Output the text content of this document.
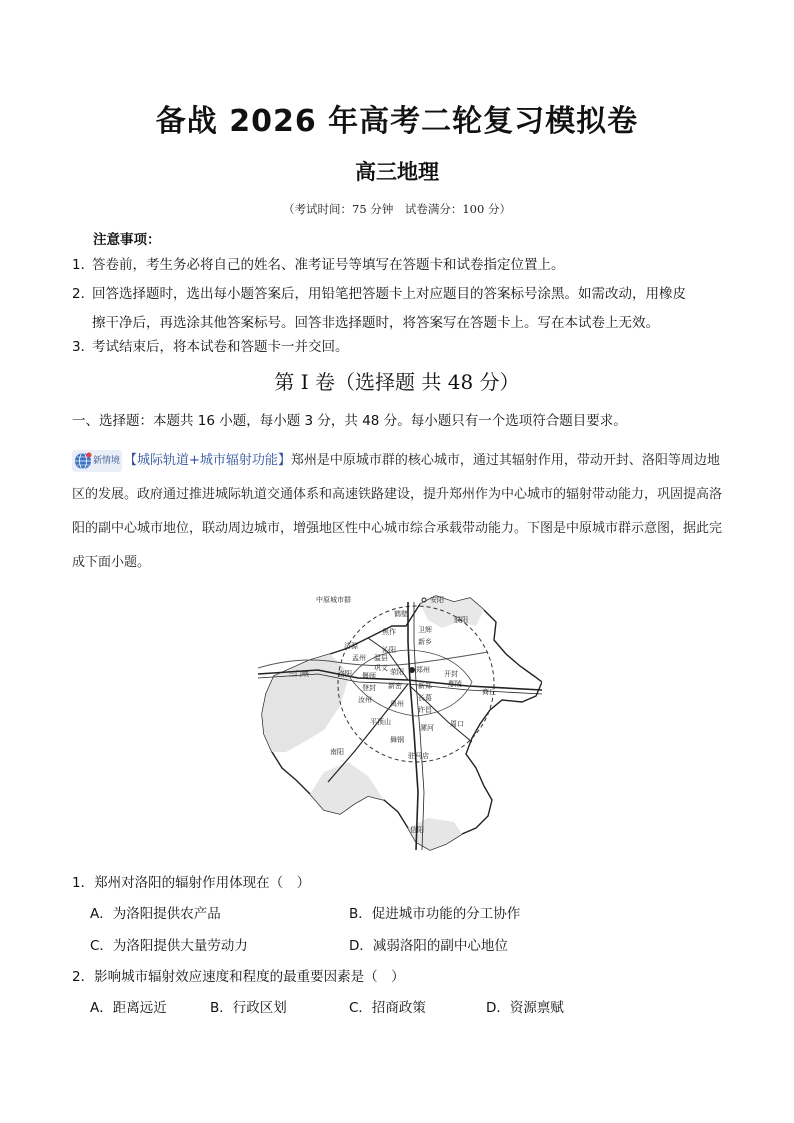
备战 2026 年高考二轮复习模拟卷
高三地理
（考试时间：75 分钟　试卷满分：100 分）
注意事项：
1．答卷前，考生务必将自己的姓名、准考证号等填写在答题卡和试卷指定位置上。
2．回答选择题时，选出每小题答案后，用铅笔把答题卡上对应题目的答案标号涂黑。如需改动，用橡皮
擦干净后，再选涂其他答案标号。回答非选择题时，将答案写在答题卡上。写在本试卷上无效。
3．考试结束后，将本试卷和答题卡一并交回。
第 I 卷（选择题 共 48 分）
一、选择题：本题共 16 小题，每小题 3 分，共 48 分。每小题只有一个选项符合题目要求。
新情境 【城际轨道+城市辐射功能】郑州是中原城市群的核心城市，通过其辐射作用，带动开封、洛阳等周边地区的发展。政府通过推进城际轨道交通体系和高速铁路建设，提升郑州作为中心城市的辐射带动能力，巩固提高洛阳的副中心城市地位，联动周边城市，增强地区性中心城市综合承载带动能力。下图是中原城市群示意图，据此完成下面小题。
中原城市群	安阳
鹤壁
濮阳
焦作
新乡
卫辉
济源
孟州
沁阳
温县
三门峡	洛阳 偃师
巩义 荥阳 郑州 开封
新密 新郑
登封
汝州	禹州
长葛
许昌
商丘
平顶山
漯河 周口
舞钢
南阳	驻马店
信阳
鄢陵
1．郑州对洛阳的辐射作用体现在（　）
A．为洛阳提供农产品	B．促进城市功能的分工协作
C．为洛阳提供大量劳动力	D．减弱洛阳的副中心地位
2．影响城市辐射效应速度和程度的最重要因素是（　）
A．距离远近	B．行政区划	C．招商政策	D．资源禀赋
